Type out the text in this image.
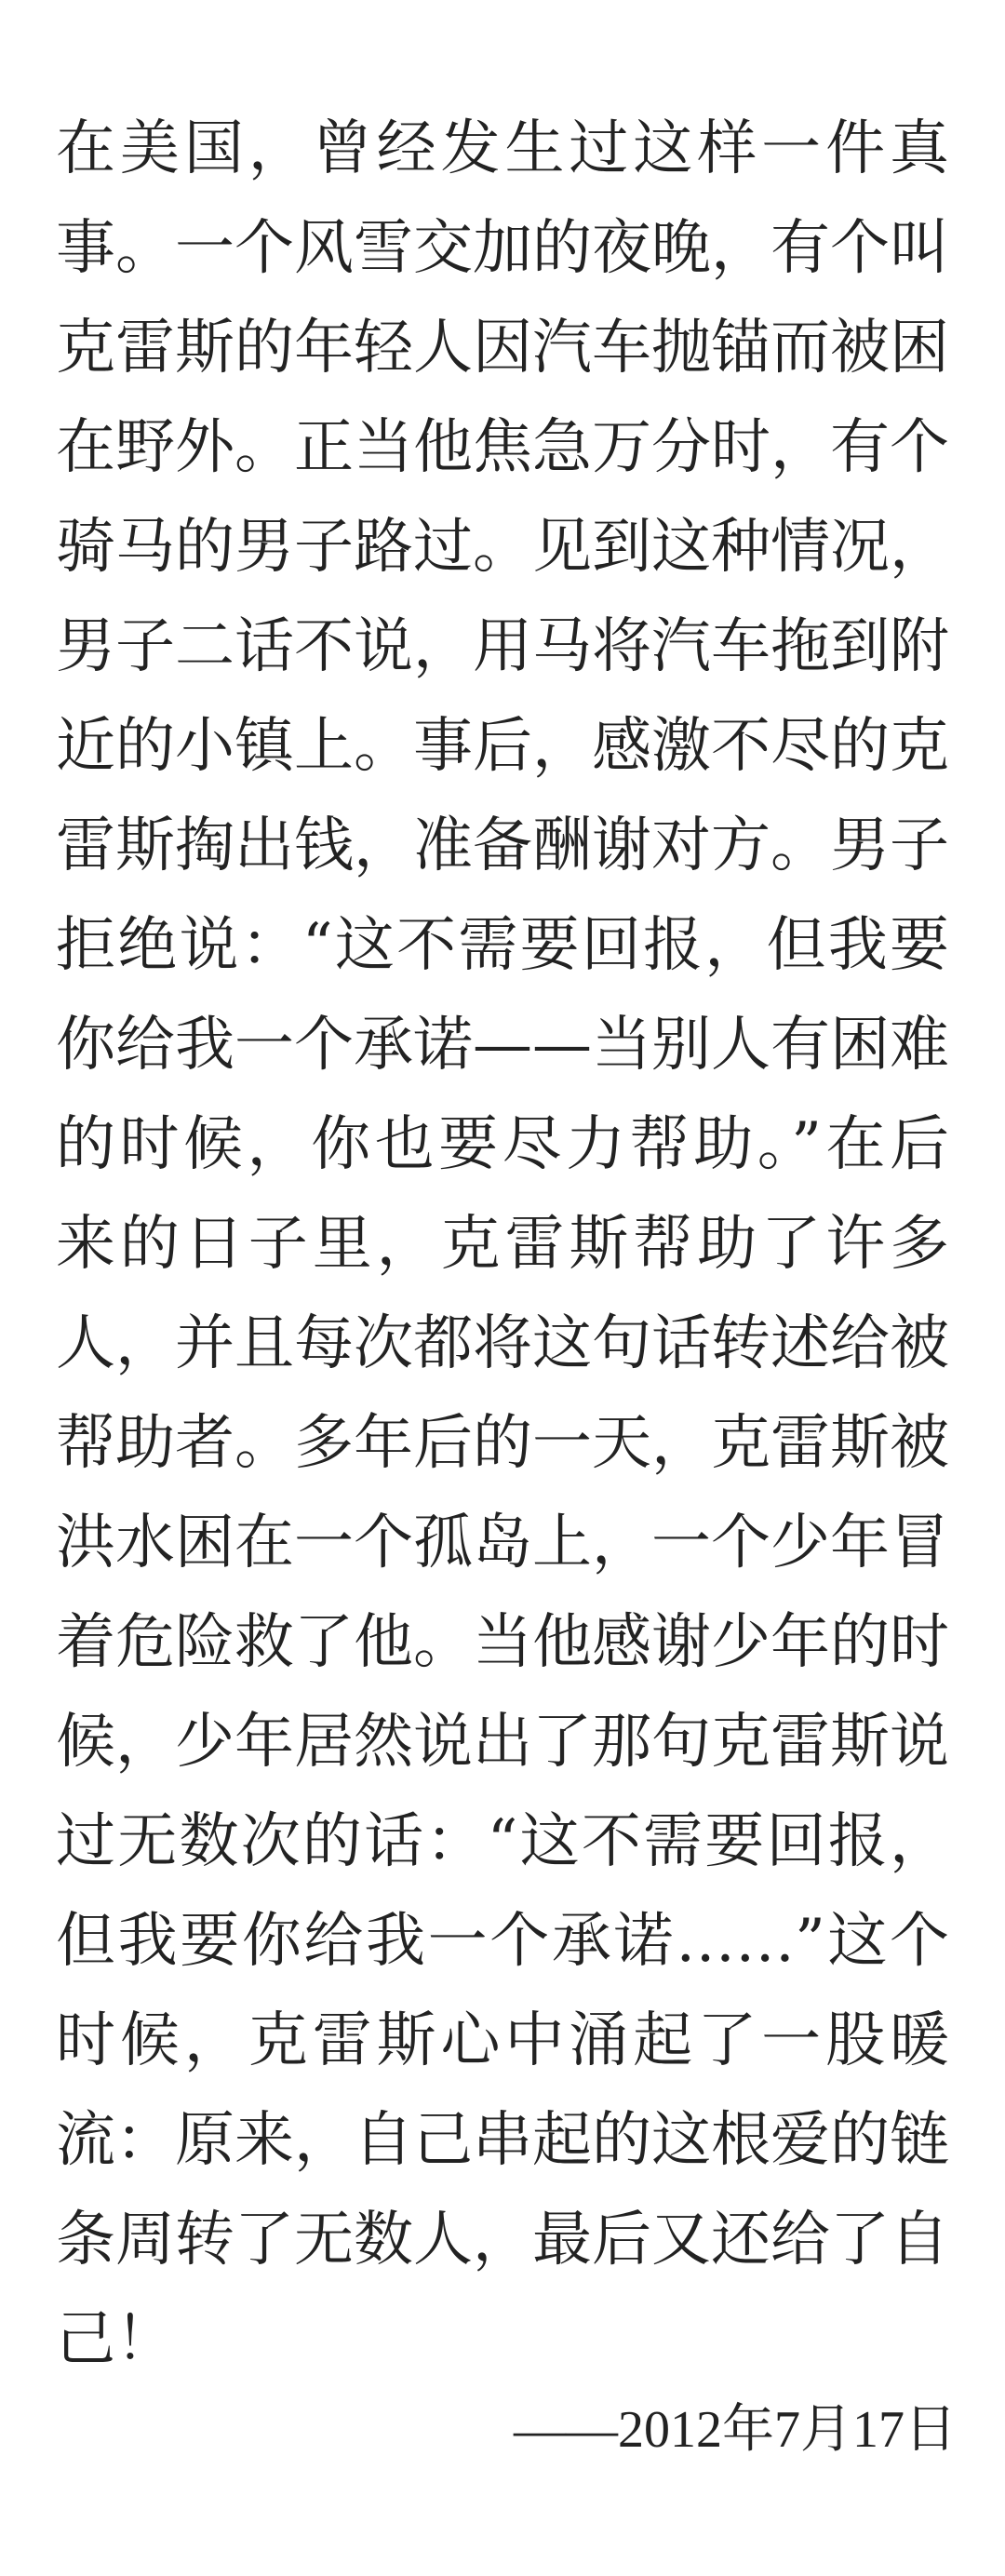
在美国，曾经发生过这样一件真
事。一个风雪交加的夜晚，有个叫
克雷斯的年轻人因汽车抛锚而被困
在野外。正当他焦急万分时，有个
骑马的男子路过。见到这种情况，
男子二话不说，用马将汽车拖到附
近的小镇上。事后，感激不尽的克
雷斯掏出钱，准备酬谢对方。男子
拒绝说：“这不需要回报，但我要
你给我一个承诺——当别人有困难
的时候，你也要尽力帮助。”在后
来的日子里，克雷斯帮助了许多
人，并且每次都将这句话转述给被
帮助者。多年后的一天，克雷斯被
洪水困在一个孤岛上，一个少年冒
着危险救了他。当他感谢少年的时
候，少年居然说出了那句克雷斯说
过无数次的话：“这不需要回报，
但我要你给我一个承诺……”这个
时候，克雷斯心中涌起了一股暖
流：原来，自己串起的这根爱的链
条周转了无数人，最后又还给了自
己！
——2012年7月17日
